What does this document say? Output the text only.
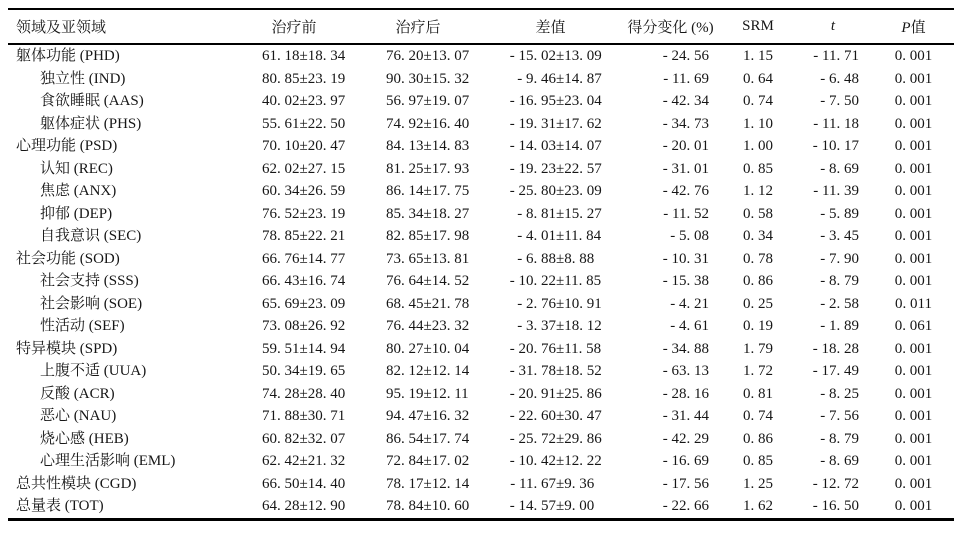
领域及亚领域	治疗前	治疗后	差值	得分变化 (%)	SRM	t	P值
躯体功能 (PHD)	61. 18±18. 34	76. 20±13. 07	- 15. 02±13. 09	- 24. 56	1. 15	- 11. 71	0. 001
独立性 (IND)	80. 85±23. 19	90. 30±15. 32	- 9. 46±14. 87	- 11. 69	0. 64	- 6. 48	0. 001
食欲睡眠 (AAS)	40. 02±23. 97	56. 97±19. 07	- 16. 95±23. 04	- 42. 34	0. 74	- 7. 50	0. 001
躯体症状 (PHS)	55. 61±22. 50	74. 92±16. 40	- 19. 31±17. 62	- 34. 73	1. 10	- 11. 18	0. 001
心理功能 (PSD)	70. 10±20. 47	84. 13±14. 83	- 14. 03±14. 07	- 20. 01	1. 00	- 10. 17	0. 001
认知 (REC)	62. 02±27. 15	81. 25±17. 93	- 19. 23±22. 57	- 31. 01	0. 85	- 8. 69	0. 001
焦虑 (ANX)	60. 34±26. 59	86. 14±17. 75	- 25. 80±23. 09	- 42. 76	1. 12	- 11. 39	0. 001
抑郁 (DEP)	76. 52±23. 19	85. 34±18. 27	- 8. 81±15. 27	- 11. 52	0. 58	- 5. 89	0. 001
自我意识 (SEC)	78. 85±22. 21	82. 85±17. 98	- 4. 01±11. 84	- 5. 08	0. 34	- 3. 45	0. 001
社会功能 (SOD)	66. 76±14. 77	73. 65±13. 81	- 6. 88±8. 88	- 10. 31	0. 78	- 7. 90	0. 001
社会支持 (SSS)	66. 43±16. 74	76. 64±14. 52	- 10. 22±11. 85	- 15. 38	0. 86	- 8. 79	0. 001
社会影响 (SOE)	65. 69±23. 09	68. 45±21. 78	- 2. 76±10. 91	- 4. 21	0. 25	- 2. 58	0. 011
性活动 (SEF)	73. 08±26. 92	76. 44±23. 32	- 3. 37±18. 12	- 4. 61	0. 19	- 1. 89	0. 061
特异模块 (SPD)	59. 51±14. 94	80. 27±10. 04	- 20. 76±11. 58	- 34. 88	1. 79	- 18. 28	0. 001
上腹不适 (UUA)	50. 34±19. 65	82. 12±12. 14	- 31. 78±18. 52	- 63. 13	1. 72	- 17. 49	0. 001
反酸 (ACR)	74. 28±28. 40	95. 19±12. 11	- 20. 91±25. 86	- 28. 16	0. 81	- 8. 25	0. 001
恶心 (NAU)	71. 88±30. 71	94. 47±16. 32	- 22. 60±30. 47	- 31. 44	0. 74	- 7. 56	0. 001
烧心感 (HEB)	60. 82±32. 07	86. 54±17. 74	- 25. 72±29. 86	- 42. 29	0. 86	- 8. 79	0. 001
心理生活影响 (EML)	62. 42±21. 32	72. 84±17. 02	- 10. 42±12. 22	- 16. 69	0. 85	- 8. 69	0. 001
总共性模块 (CGD)	66. 50±14. 40	78. 17±12. 14	- 11. 67±9. 36	- 17. 56	1. 25	- 12. 72	0. 001
总量表 (TOT)	64. 28±12. 90	78. 84±10. 60	- 14. 57±9. 00	- 22. 66	1. 62	- 16. 50	0. 001
